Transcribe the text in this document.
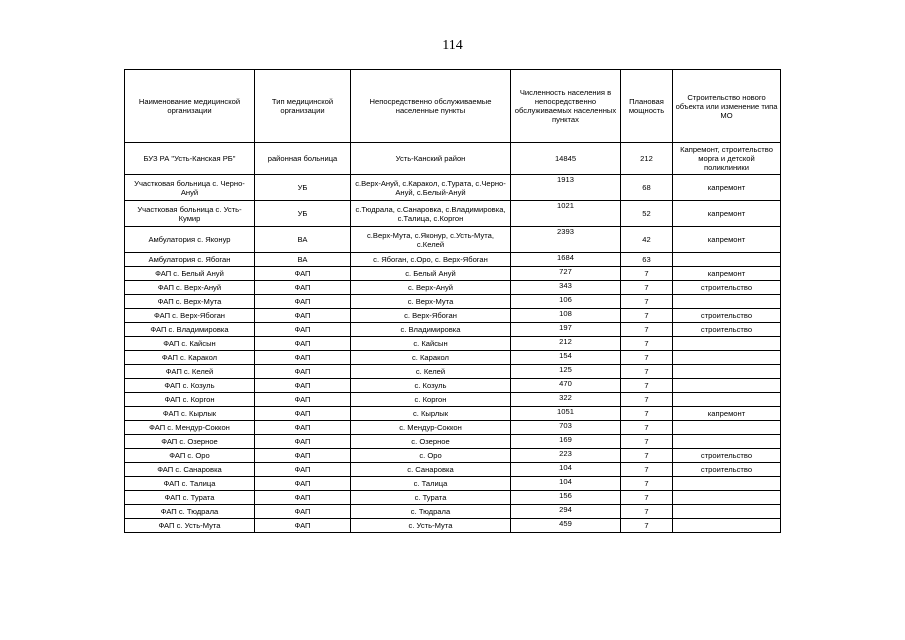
114
Наименование медицинской организации	Тип медицинской организации	Непосредственно обслуживаемые населенные пункты	Численность населения в непосредственно обслуживаемых населенных пунктах	Плановая мощность	Строительство нового объекта или изменение типа МО
БУЗ РА "Усть-Канская РБ"	районная больница	Усть-Канский район	14845	212	Капремонт, строительство морга и детской поликлиники
Участковая больница с. Черно-Ануй	УБ	с.Верх-Ануй, с.Каракол, с.Турата, с.Черно-Ануй, с.Белый-Ануй	1913	68	капремонт
Участковая больница с. Усть-Кумир	УБ	с.Тюдрала, с.Санаровка, с.Владимировка, с.Талица, с.Коргон	1021	52	капремонт
Амбулатория с. Яконур	ВА	с.Верх-Мута, с.Яконур, с.Усть-Мута, с.Келей	2393	42	капремонт
Амбулатория с. Ябоган	ВА	с. Ябоган, с.Оро, с. Верх-Ябоган	1684	63	
ФАП с. Белый Ануй	ФАП	с. Белый Ануй	727	7	капремонт
ФАП с. Верх-Ануй	ФАП	с. Верх-Ануй	343	7	строительство
ФАП с. Верх-Мута	ФАП	с. Верх-Мута	106	7	
ФАП с. Верх-Ябоган	ФАП	с. Верх-Ябоган	108	7	строительство
ФАП с. Владимировка	ФАП	с. Владимировка	197	7	строительство
ФАП с. Кайсын	ФАП	с. Кайсын	212	7	
ФАП с. Каракол	ФАП	с. Каракол	154	7	
ФАП с. Келей	ФАП	с. Келей	125	7	
ФАП с. Козуль	ФАП	с. Козуль	470	7	
ФАП с. Коргон	ФАП	с. Коргон	322	7	
ФАП с. Кырлык	ФАП	с. Кырлык	1051	7	капремонт
ФАП с. Мендур-Соккон	ФАП	с. Мендур-Соккон	703	7	
ФАП с. Озерное	ФАП	с. Озерное	169	7	
ФАП с. Оро	ФАП	с. Оро	223	7	строительство
ФАП с. Санаровка	ФАП	с. Санаровка	104	7	строительство
ФАП с. Талица	ФАП	с. Талица	104	7	
ФАП с. Турата	ФАП	с. Турата	156	7	
ФАП с. Тюдрала	ФАП	с. Тюдрала	294	7	
ФАП с. Усть-Мута	ФАП	с. Усть-Мута	459	7	
